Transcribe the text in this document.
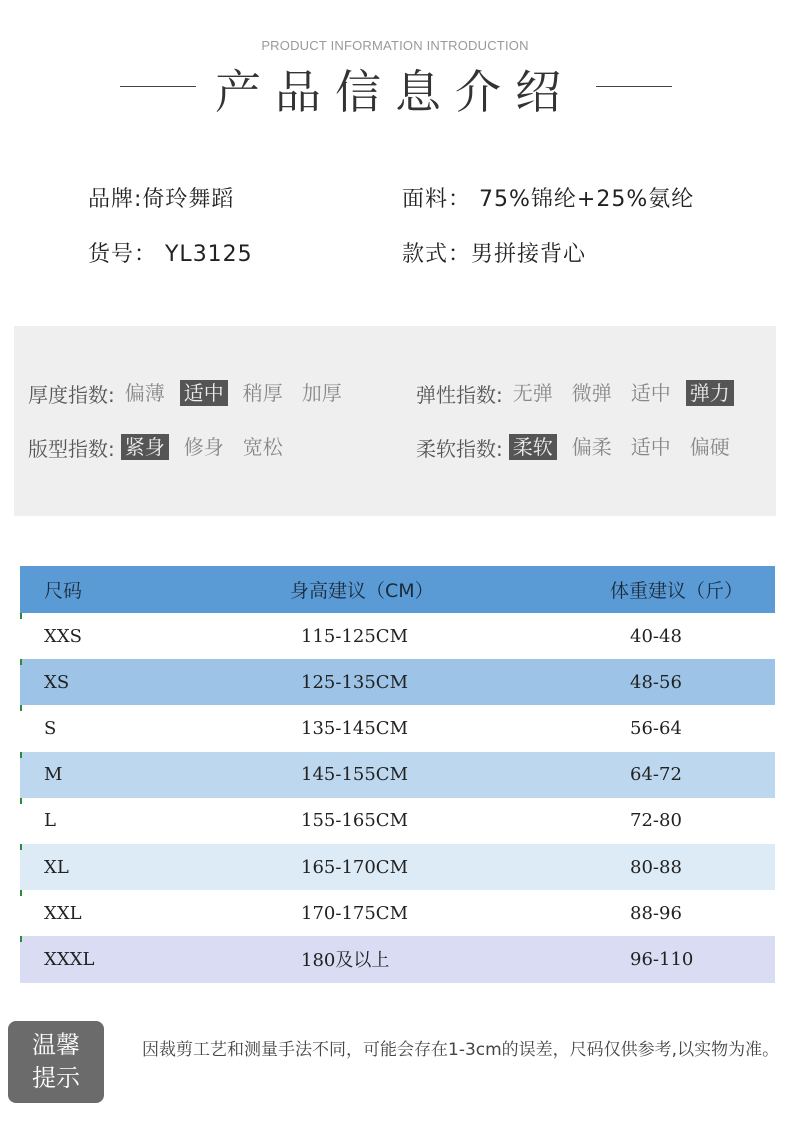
PRODUCT INFORMATION INTRODUCTION
产品信息介绍
品牌:倚玲舞蹈	面料： 75%锦纶+25%氨纶
货号： YL3125	款式：男拼接背心
厚度指数: 偏薄 适中 稍厚 加厚	弹性指数: 无弹 微弹 适中 弹力
版型指数: 紧身 修身 宽松	柔软指数: 柔软 偏柔 适中 偏硬
尺码	身高建议（CM）	体重建议（斤）
XXS	115-125CM	40-48
XS	125-135CM	48-56
S	135-145CM	56-64
M	145-155CM	64-72
L	155-165CM	72-80
XL	165-170CM	80-88
XXL	170-175CM	88-96
XXXL	180及以上	96-110
温馨
提示
因裁剪工艺和测量手法不同，可能会存在1-3cm的误差，尺码仅供参考,以实物为准。
